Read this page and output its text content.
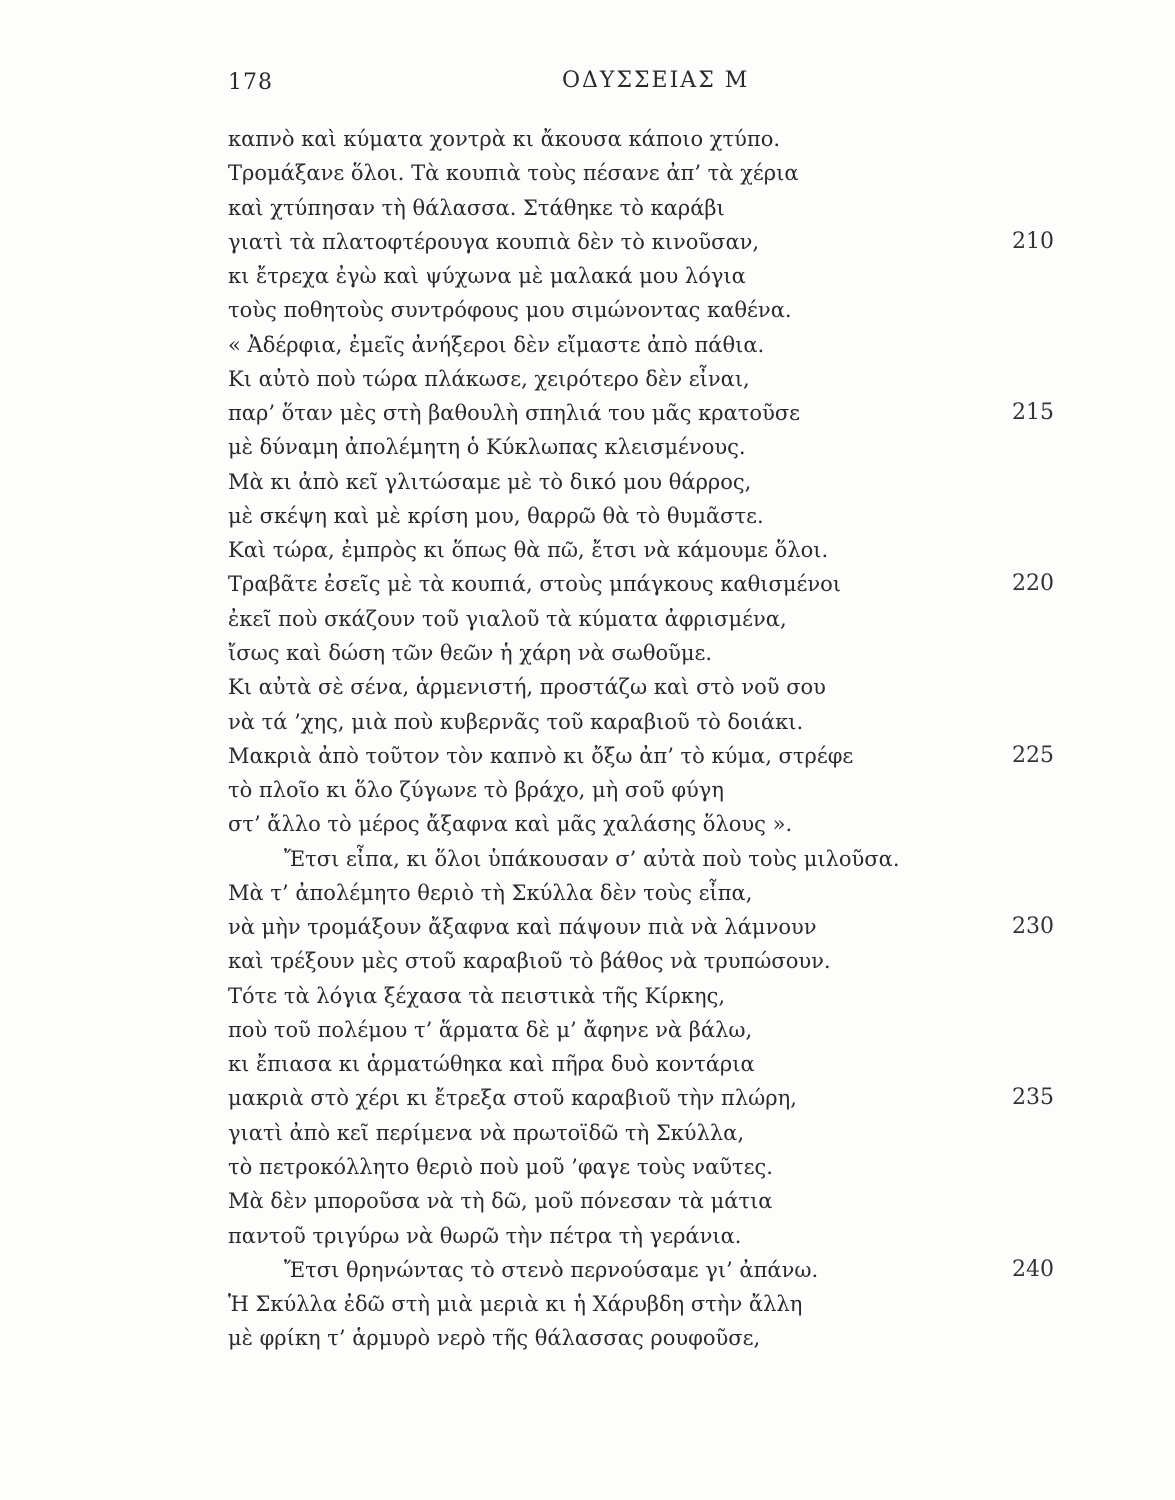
178	ΟΔΥΣΣΕΙΑΣ Μ
καπνὸ καὶ κύματα χοντρὰ κι ἄκουσα κάποιο χτύπο.
Τρομάξανε ὅλοι. Τὰ κουπιὰ τοὺς πέσανε ἀπ’ τὰ χέρια
καὶ χτύπησαν τὴ θάλασσα. Στάθηκε τὸ καράβι
γιατὶ τὰ πλατοφτέρουγα κουπιὰ δὲν τὸ κινοῦσαν,	210
κι ἔτρεχα ἐγὼ καὶ ψύχωνα μὲ μαλακά μου λόγια
τοὺς ποθητοὺς συντρόφους μου σιμώνοντας καθένα.
« Ἀδέρφια, ἐμεῖς ἀνήξεροι δὲν εἴμαστε ἀπὸ πάθια.
Κι αὐτὸ ποὺ τώρα πλάκωσε, χειρότερο δὲν εἶναι,
παρ’ ὅταν μὲς στὴ βαθουλὴ σπηλιά του μᾶς κρατοῦσε	215
μὲ δύναμη ἀπολέμητη ὁ Κύκλωπας κλεισμένους.
Μὰ κι ἀπὸ κεῖ γλιτώσαμε μὲ τὸ δικό μου θάρρος,
μὲ σκέψη καὶ μὲ κρίση μου, θαρρῶ θὰ τὸ θυμᾶστε.
Καὶ τώρα, ἐμπρὸς κι ὅπως θὰ πῶ, ἔτσι νὰ κάμουμε ὅλοι.
Τραβᾶτε ἐσεῖς μὲ τὰ κουπιά, στοὺς μπάγκους καθισμένοι	220
ἐκεῖ ποὺ σκάζουν τοῦ γιαλοῦ τὰ κύματα ἀφρισμένα,
ἴσως καὶ δώση τῶν θεῶν ἡ χάρη νὰ σωθοῦμε.
Κι αὐτὰ σὲ σένα, ἁρμενιστή, προστάζω καὶ στὸ νοῦ σου
νὰ τά ’χης, μιὰ ποὺ κυβερνᾶς τοῦ καραβιοῦ τὸ δοιάκι.
Μακριὰ ἀπὸ τοῦτον τὸν καπνὸ κι ὄξω ἀπ’ τὸ κύμα, στρέφε	225
τὸ πλοῖο κι ὅλο ζύγωνε τὸ βράχο, μὴ σοῦ φύγη
στ’ ἄλλο τὸ μέρος ἄξαφνα καὶ μᾶς χαλάσης ὅλους ».
Ἔτσι εἶπα, κι ὅλοι ὑπάκουσαν σ’ αὐτὰ ποὺ τοὺς μιλοῦσα.
Μὰ τ’ ἀπολέμητο θεριὸ τὴ Σκύλλα δὲν τοὺς εἶπα,
νὰ μὴν τρομάξουν ἄξαφνα καὶ πάψουν πιὰ νὰ λάμνουν	230
καὶ τρέξουν μὲς στοῦ καραβιοῦ τὸ βάθος νὰ τρυπώσουν.
Τότε τὰ λόγια ξέχασα τὰ πειστικὰ τῆς Κίρκης,
ποὺ τοῦ πολέμου τ’ ἅρματα δὲ μ’ ἄφηνε νὰ βάλω,
κι ἔπιασα κι ἁρματώθηκα καὶ πῆρα δυὸ κοντάρια
μακριὰ στὸ χέρι κι ἔτρεξα στοῦ καραβιοῦ τὴν πλώρη,	235
γιατὶ ἀπὸ κεῖ περίμενα νὰ πρωτοϊδῶ τὴ Σκύλλα,
τὸ πετροκόλλητο θεριὸ ποὺ μοῦ ’φαγε τοὺς ναῦτες.
Μὰ δὲν μποροῦσα νὰ τὴ δῶ, μοῦ πόνεσαν τὰ μάτια
παντοῦ τριγύρω νὰ θωρῶ τὴν πέτρα τὴ γεράνια.
Ἔτσι θρηνώντας τὸ στενὸ περνούσαμε γι’ ἀπάνω.	240
Ἡ Σκύλλα ἐδῶ στὴ μιὰ μεριὰ κι ἡ Χάρυβδη στὴν ἄλλη
μὲ φρίκη τ’ ἁρμυρὸ νερὸ τῆς θάλασσας ρουφοῦσε,
